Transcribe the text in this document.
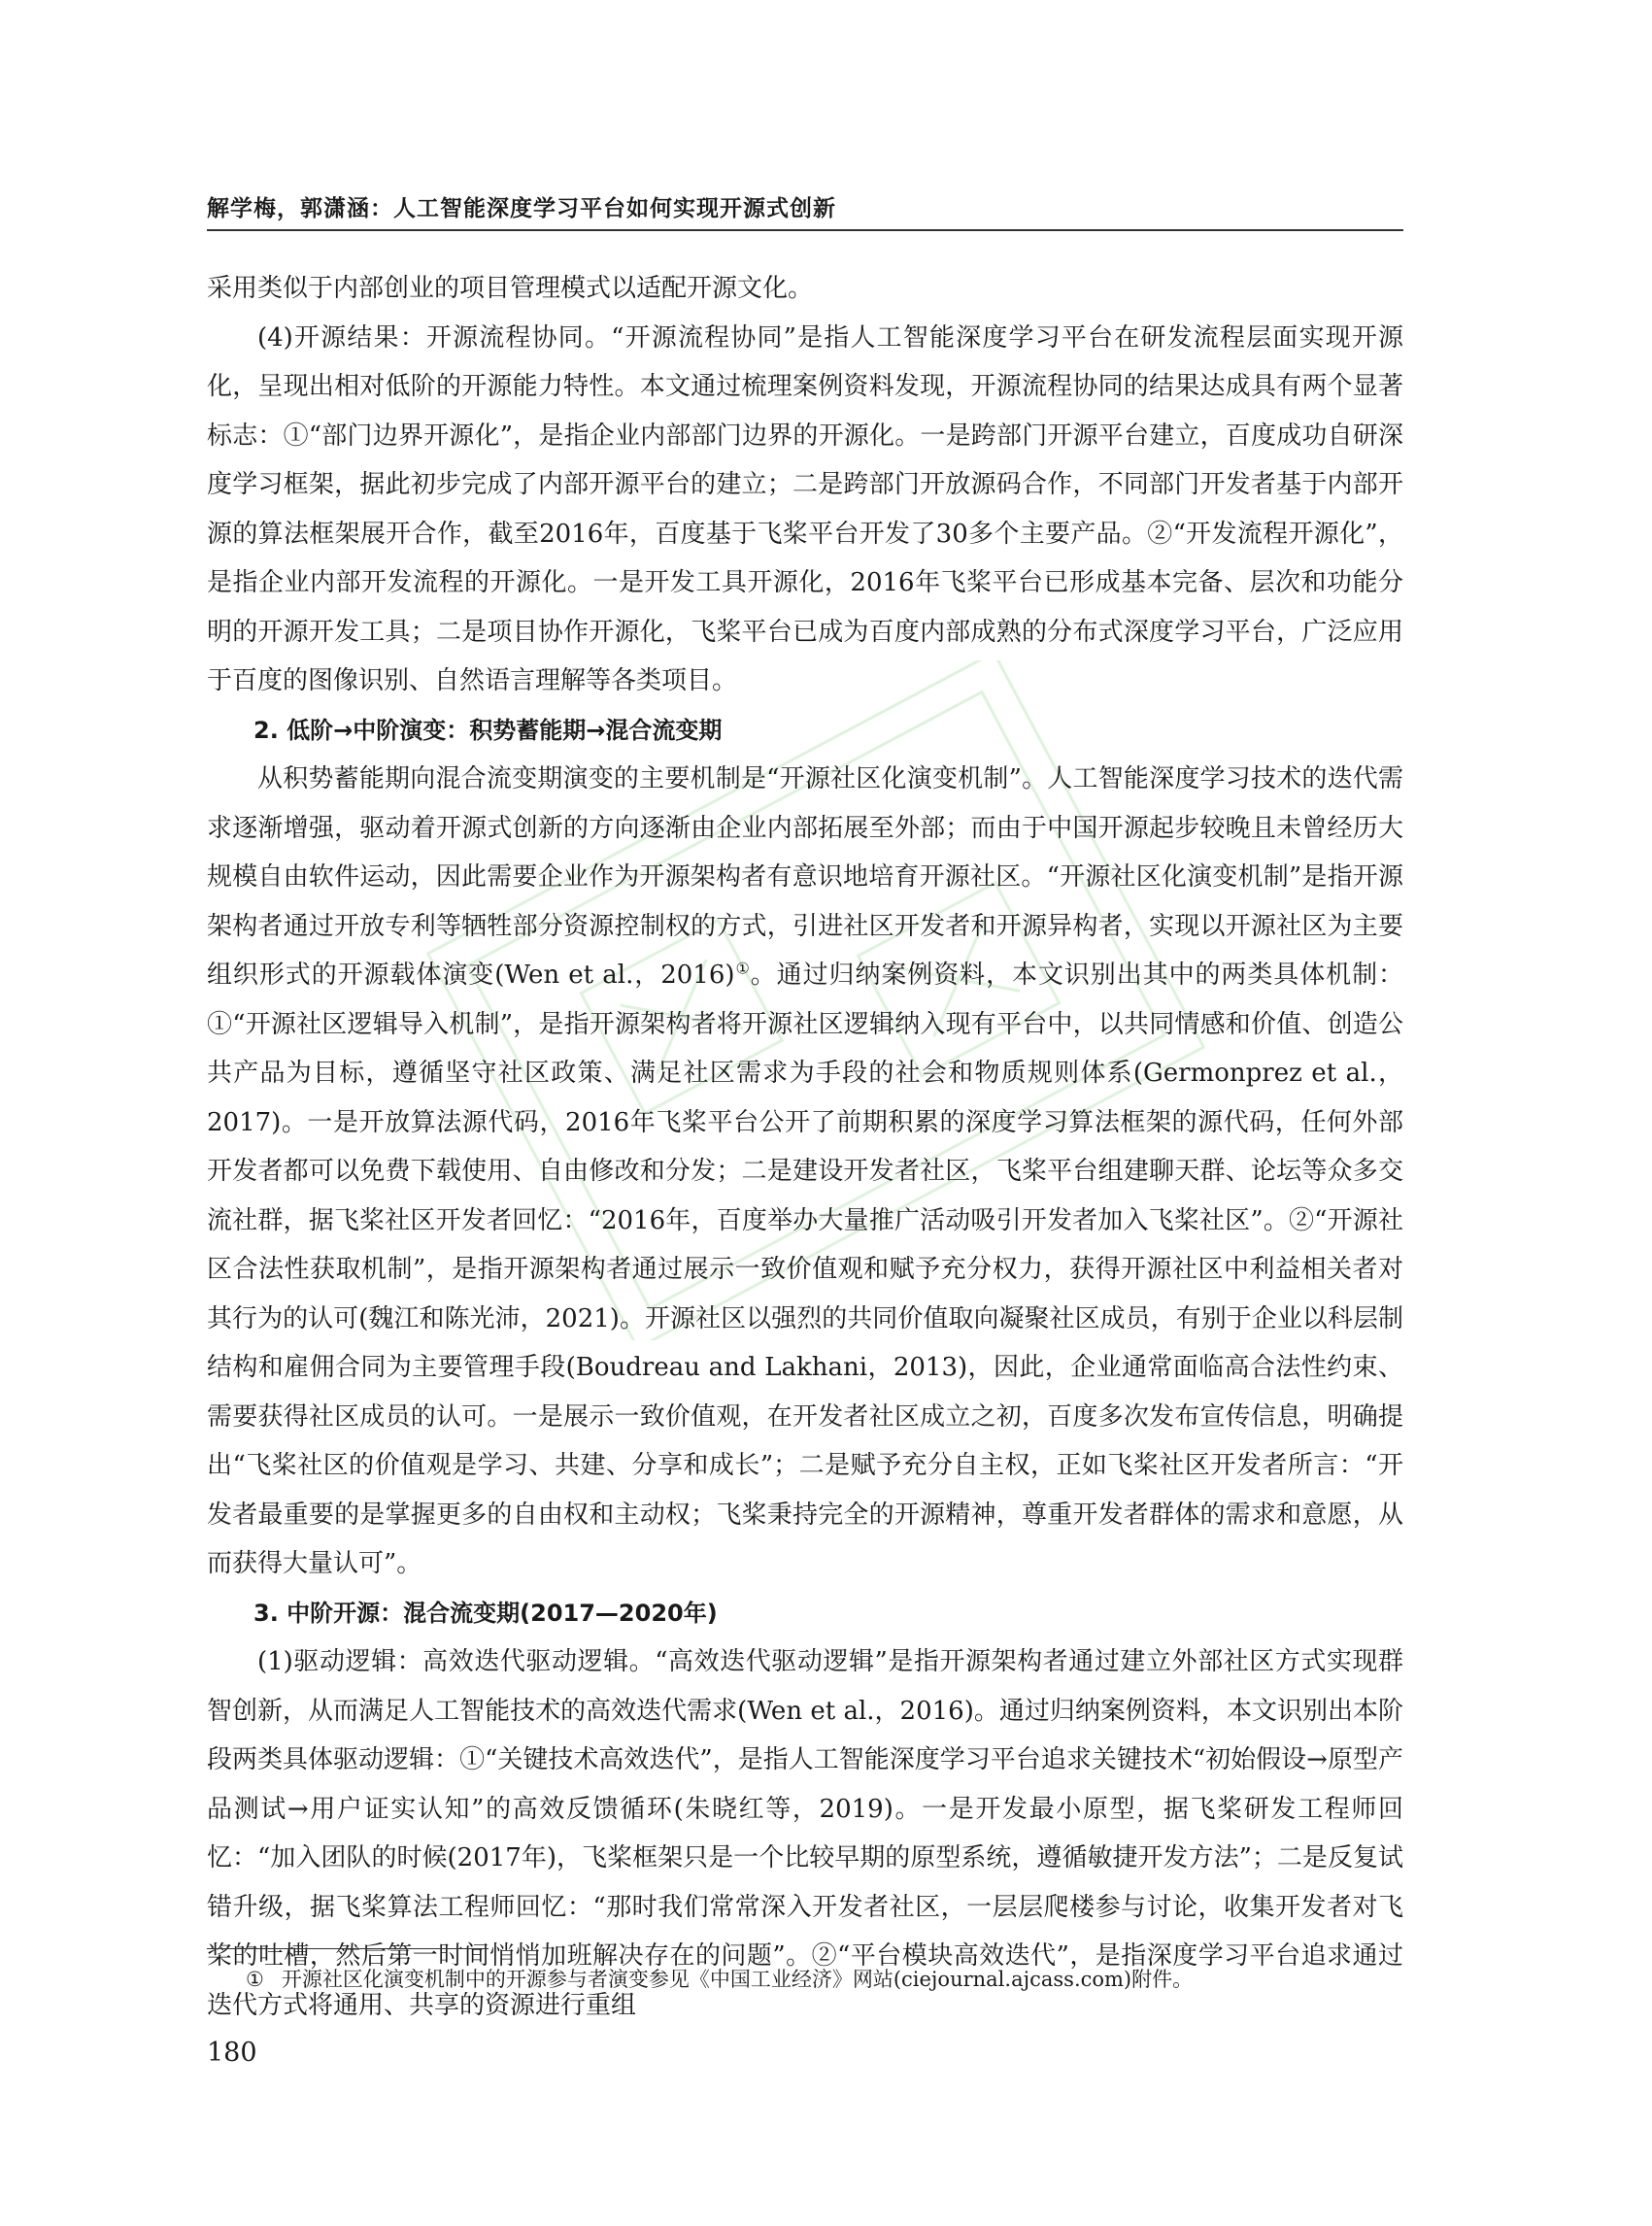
解学梅，郭潇涵：人工智能深度学习平台如何实现开源式创新

采用类似于内部创业的项目管理模式以适配开源文化。

(4)开源结果：开源流程协同。“开源流程协同”是指人工智能深度学习平台在研发流程层面实现开源化，呈现出相对低阶的开源能力特性。本文通过梳理案例资料发现，开源流程协同的结果达成具有两个显著标志：①“部门边界开源化”，是指企业内部部门边界的开源化。一是跨部门开源平台建立，百度成功自研深度学习框架，据此初步完成了内部开源平台的建立；二是跨部门开放源码合作，不同部门开发者基于内部开源的算法框架展开合作，截至2016年，百度基于飞桨平台开发了30多个主要产品。②“开发流程开源化”，是指企业内部开发流程的开源化。一是开发工具开源化，2016年飞桨平台已形成基本完备、层次和功能分明的开源开发工具；二是项目协作开源化，飞桨平台已成为百度内部成熟的分布式深度学习平台，广泛应用于百度的图像识别、自然语言理解等各类项目。

2. 低阶→中阶演变：积势蓄能期→混合流变期

从积势蓄能期向混合流变期演变的主要机制是“开源社区化演变机制”。人工智能深度学习技术的迭代需求逐渐增强，驱动着开源式创新的方向逐渐由企业内部拓展至外部；而由于中国开源起步较晚且未曾经历大规模自由软件运动，因此需要企业作为开源架构者有意识地培育开源社区。“开源社区化演变机制”是指开源架构者通过开放专利等牺牲部分资源控制权的方式，引进社区开发者和开源异构者，实现以开源社区为主要组织形式的开源载体演变(Wen et al.，2016)①。通过归纳案例资料，本文识别出其中的两类具体机制：①“开源社区逻辑导入机制”，是指开源架构者将开源社区逻辑纳入现有平台中，以共同情感和价值、创造公共产品为目标，遵循坚守社区政策、满足社区需求为手段的社会和物质规则体系(Germonprez et al.，2017)。一是开放算法源代码，2016年飞桨平台公开了前期积累的深度学习算法框架的源代码，任何外部开发者都可以免费下载使用、自由修改和分发；二是建设开发者社区，飞桨平台组建聊天群、论坛等众多交流社群，据飞桨社区开发者回忆：“2016年，百度举办大量推广活动吸引开发者加入飞桨社区”。②“开源社区合法性获取机制”，是指开源架构者通过展示一致价值观和赋予充分权力，获得开源社区中利益相关者对其行为的认可(魏江和陈光沛，2021)。开源社区以强烈的共同价值取向凝聚社区成员，有别于企业以科层制结构和雇佣合同为主要管理手段(Boudreau and Lakhani，2013)，因此，企业通常面临高合法性约束、需要获得社区成员的认可。一是展示一致价值观，在开发者社区成立之初，百度多次发布宣传信息，明确提出“飞桨社区的价值观是学习、共建、分享和成长”；二是赋予充分自主权，正如飞桨社区开发者所言：“开发者最重要的是掌握更多的自由权和主动权；飞桨秉持完全的开源精神，尊重开发者群体的需求和意愿，从而获得大量认可”。

3. 中阶开源：混合流变期(2017—2020年)

(1)驱动逻辑：高效迭代驱动逻辑。“高效迭代驱动逻辑”是指开源架构者通过建立外部社区方式实现群智创新，从而满足人工智能技术的高效迭代需求(Wen et al.，2016)。通过归纳案例资料，本文识别出本阶段两类具体驱动逻辑：①“关键技术高效迭代”，是指人工智能深度学习平台追求关键技术“初始假设→原型产品测试→用户证实认知”的高效反馈循环(朱晓红等，2019)。一是开发最小原型，据飞桨研发工程师回忆：“加入团队的时候(2017年)，飞桨框架只是一个比较早期的原型系统，遵循敏捷开发方法”；二是反复试错升级，据飞桨算法工程师回忆：“那时我们常常深入开发者社区，一层层爬楼参与讨论，收集开发者对飞桨的吐槽，然后第一时间悄悄加班解决存在的问题”。②“平台模块高效迭代”，是指深度学习平台追求通过迭代方式将通用、共享的资源进行重组

① 开源社区化演变机制中的开源参与者演变参见《中国工业经济》网站(ciejournal.ajcass.com)附件。
180
